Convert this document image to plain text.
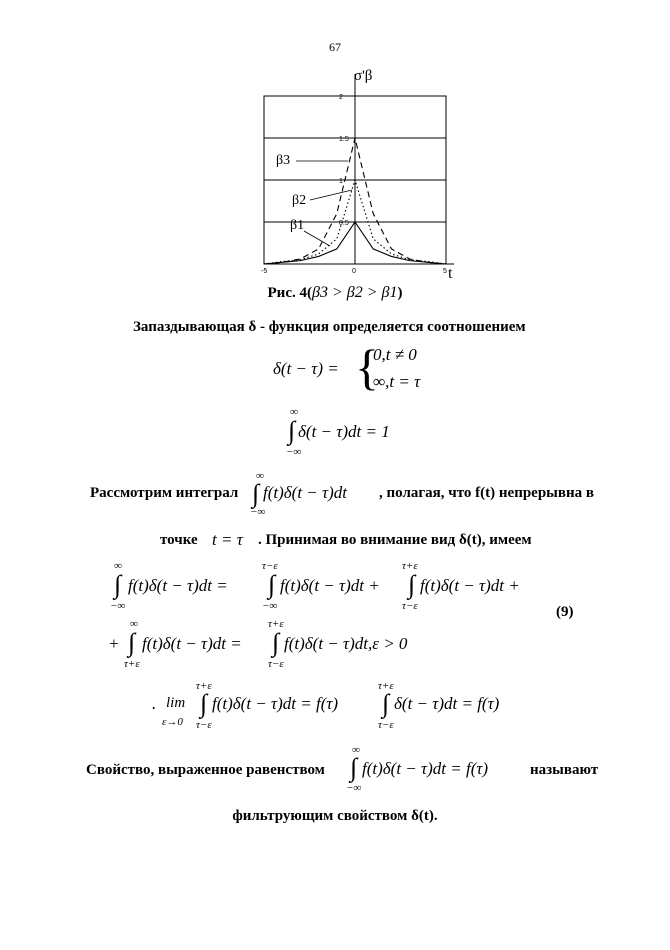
67
-5	0	5
2
1.5
1
0.5
σ'β
t
β3
β2
β1
Рис. 4(β3 > β2 > β1)
Запаздывающая δ - функция определяется соотношением
δ(t − τ) = {
0,t ≠ 0
∞,t = τ
∞
∫
−∞
δ(t − τ)dt = 1
Рассмотрим интеграл
∞
∫
−∞
f(t)δ(t − τ)dt , полагая, что f(t) непрерывна в
точке t = τ . Принимая во внимание вид δ(t), имеем
∞
∫
−∞
f(t)δ(t − τ)dt =
τ−ε
∫
−∞
f(t)δ(t − τ)dt +
τ+ε
∫
τ−ε
f(t)δ(t − τ)dt +
+
∞
∫
τ+ε
f(t)δ(t − τ)dt =
τ+ε
∫
τ−ε
f(t)δ(t − τ)dt,ε > 0
(9)
. lim
ε→0
τ+ε
∫
τ−ε
f(t)δ(t − τ)dt = f(τ)
τ+ε
∫
τ−ε
δ(t − τ)dt = f(τ)
Свойство, выраженное равенством
∞
∫
−∞
f(t)δ(t − τ)dt = f(τ)	называют
фильтрующим свойством δ(t).
